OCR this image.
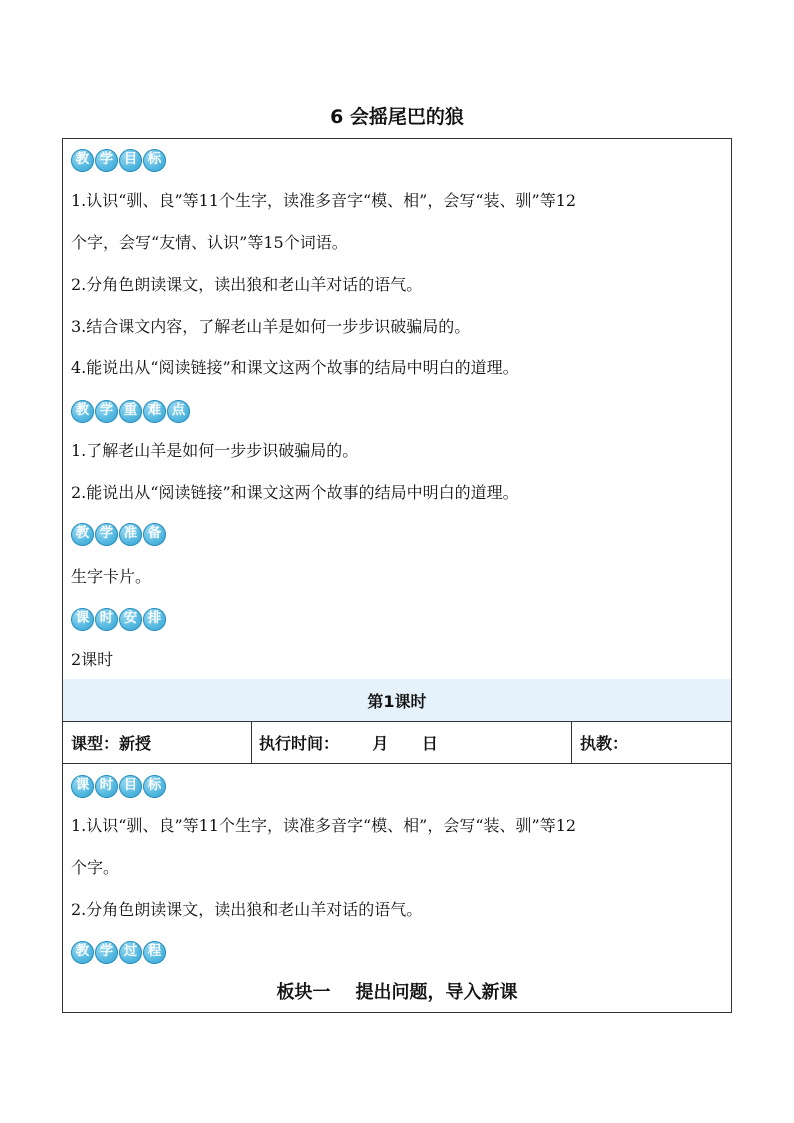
6 会摇尾巴的狼
教 学 目 标
1.认识“驯、良”等11个生字，读准多音字“模、相”，会写“装、驯”等12
个字，会写“友情、认识”等15个词语。
2.分角色朗读课文，读出狼和老山羊对话的语气。
3.结合课文内容，了解老山羊是如何一步步识破骗局的。
4.能说出从“阅读链接”和课文这两个故事的结局中明白的道理。
教 学 重 难 点
1.了解老山羊是如何一步步识破骗局的。
2.能说出从“阅读链接”和课文这两个故事的结局中明白的道理。
教 学 准 备
生字卡片。
课 时 安 排
2课时
第1课时
课型：新授	执行时间：      月      日	执教：
课 时 目 标
1.认识“驯、良”等11个生字，读准多音字“模、相”，会写“装、驯”等12
个字。
2.分角色朗读课文，读出狼和老山羊对话的语气。
教 学 过 程
板块一    提出问题，导入新课
